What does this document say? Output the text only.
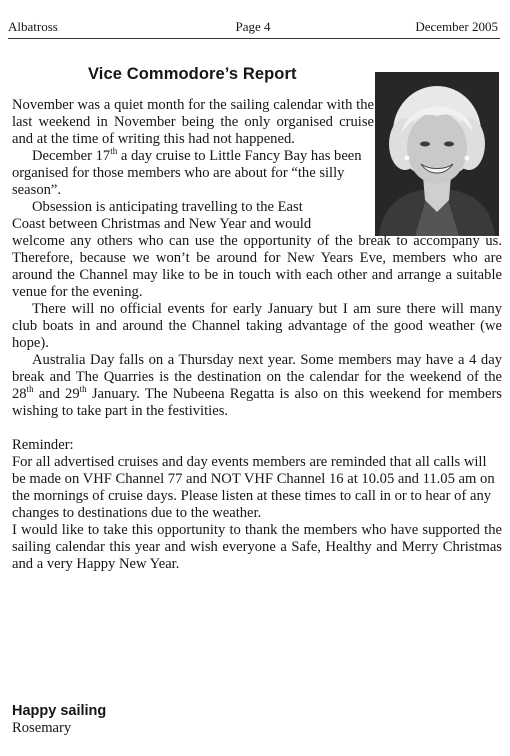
Albatross	Page 4	December 2005
Vice Commodore’s Report

November was a quiet month for the sailing calendar with the last weekend in November being the only organised cruise and at the time of writing this had not happened.

December 17th a day cruise to Little Fancy Bay has been organised for those members who are about for “the silly season”.

Obsession is anticipating travelling to the East

Coast between Christmas and New Year and would

welcome any others who can use the opportunity of the break to accompany us. Therefore, because we won’t be around for New Years Eve, members who are around the Channel may like to be in touch with each other and arrange a suitable venue for the evening.

There will no official events for early January but I am sure there will many club boats in and around the Channel taking advantage of the good weather (we hope).

Australia Day falls on a Thursday next year. Some members may have a 4 day break and The Quarries is the destination on the calendar for the weekend of the 28th and 29th January. The Nubeena Regatta is also on this weekend for members wishing to take part in the festivities.

Reminder:

For all advertised cruises and day events members are reminded that all calls will be made on VHF Channel 77 and NOT VHF Channel 16 at 10.05 and 11.05 am on the mornings of cruise days. Please listen at these times to call in or to hear of any changes to destinations due to the weather.

I would like to take this opportunity to thank the members who have supported the sailing calendar this year and wish everyone a Safe, Healthy and Merry Christmas and a very Happy New Year.

Happy sailing
Rosemary
